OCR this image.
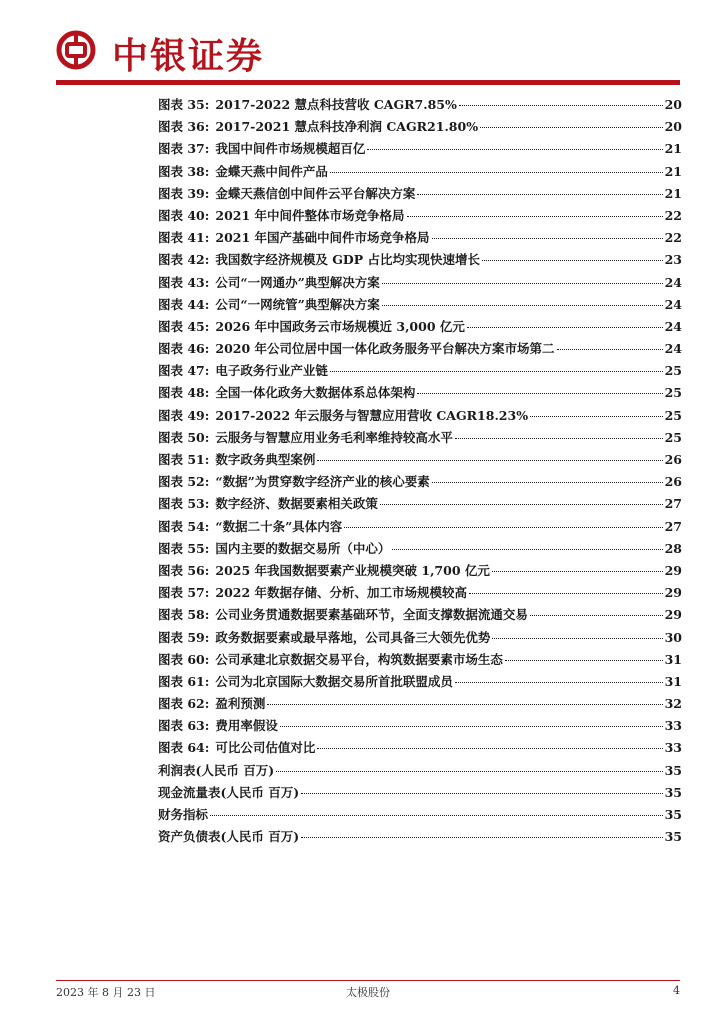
中银证券
图表 35: 2017-2022 慧点科技营收 CAGR7.85%	20
图表 36: 2017-2021 慧点科技净利润 CAGR21.80%	20
图表 37: 我国中间件市场规模超百亿	21
图表 38: 金蝶天燕中间件产品	21
图表 39: 金蝶天燕信创中间件云平台解决方案	21
图表 40: 2021 年中间件整体市场竞争格局	22
图表 41: 2021 年国产基础中间件市场竞争格局	22
图表 42: 我国数字经济规模及 GDP 占比均实现快速增长	23
图表 43: 公司“一网通办”典型解决方案	24
图表 44: 公司“一网统管”典型解决方案	24
图表 45: 2026 年中国政务云市场规模近 3,000 亿元	24
图表 46: 2020 年公司位居中国一体化政务服务平台解决方案市场第二	24
图表 47: 电子政务行业产业链	25
图表 48: 全国一体化政务大数据体系总体架构	25
图表 49: 2017-2022 年云服务与智慧应用营收 CAGR18.23%	25
图表 50: 云服务与智慧应用业务毛利率维持较高水平	25
图表 51: 数字政务典型案例	26
图表 52: “数据”为贯穿数字经济产业的核心要素	26
图表 53: 数字经济、数据要素相关政策	27
图表 54: “数据二十条”具体内容	27
图表 55: 国内主要的数据交易所（中心）	28
图表 56: 2025 年我国数据要素产业规模突破 1,700 亿元	29
图表 57: 2022 年数据存储、分析、加工市场规模较高	29
图表 58: 公司业务贯通数据要素基础环节，全面支撑数据流通交易	29
图表 59: 政务数据要素或最早落地，公司具备三大领先优势	30
图表 60: 公司承建北京数据交易平台，构筑数据要素市场生态	31
图表 61: 公司为北京国际大数据交易所首批联盟成员	31
图表 62: 盈利预测	32
图表 63: 费用率假设	33
图表 64: 可比公司估值对比	33
利润表(人民币 百万)	35
现金流量表(人民币 百万)	35
财务指标	35
资产负债表(人民币 百万)	35
2023 年 8 月 23 日	太极股份	4
